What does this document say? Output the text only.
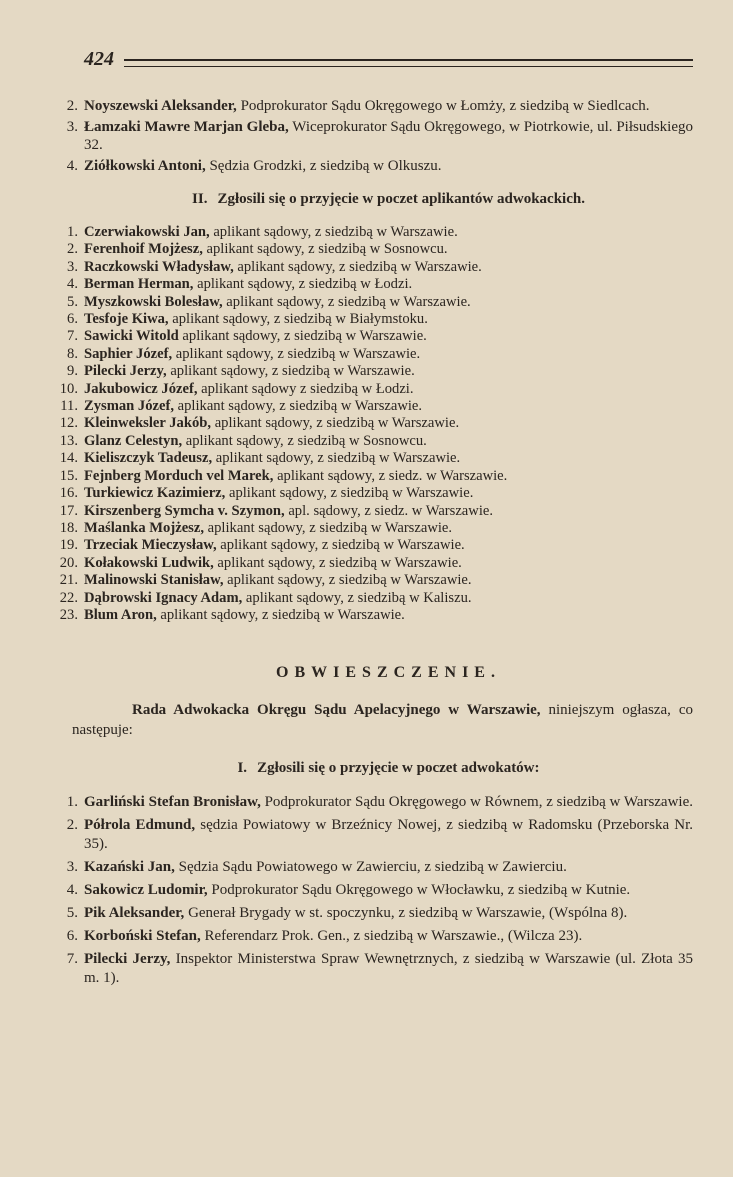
424
2. Noyszewski Aleksander, Podprokurator Sądu Okręgowego w Łomży, z siedzibą w Siedlcach.
3. Łamzaki Mawre Marjan Gleba, Wiceprokurator Sądu Okręgowego, w Piotrkowie, ul. Piłsudskiego 32.
4. Ziółkowski Antoni, Sędzia Grodzki, z siedzibą w Olkuszu.
II. Zgłosili się o przyjęcie w poczet aplikantów adwokackich.
1. Czerwiakowski Jan, aplikant sądowy, z siedzibą w Warszawie.
2. Ferenhoif Mojżesz, aplikant sądowy, z siedzibą w Sosnowcu.
3. Raczkowski Władysław, aplikant sądowy, z siedzibą w Warszawie.
4. Berman Herman, aplikant sądowy, z siedzibą w Łodzi.
5. Myszkowski Bolesław, aplikant sądowy, z siedzibą w Warszawie.
6. Tesfoje Kiwa, aplikant sądowy, z siedzibą w Białymstoku.
7. Sawicki Witold aplikant sądowy, z siedzibą w Warszawie.
8. Saphier Józef, aplikant sądowy, z siedzibą w Warszawie.
9. Pilecki Jerzy, aplikant sądowy, z siedzibą w Warszawie.
10. Jakubowicz Józef, aplikant sądowy z siedzibą w Łodzi.
11. Zysman Józef, aplikant sądowy, z siedzibą w Warszawie.
12. Kleinweksler Jakób, aplikant sądowy, z siedzibą w Warszawie.
13. Glanz Celestyn, aplikant sądowy, z siedzibą w Sosnowcu.
14. Kieliszczyk Tadeusz, aplikant sądowy, z siedzibą w Warszawie.
15. Fejnberg Morduch vel Marek, aplikant sądowy, z siedz. w Warszawie.
16. Turkiewicz Kazimierz, aplikant sądowy, z siedzibą w Warszawie.
17. Kirszenberg Symcha v. Szymon, apl. sądowy, z siedz. w Warszawie.
18. Maślanka Mojżesz, aplikant sądowy, z siedzibą w Warszawie.
19. Trzeciak Mieczysław, aplikant sądowy, z siedzibą w Warszawie.
20. Kołakowski Ludwik, aplikant sądowy, z siedzibą w Warszawie.
21. Malinowski Stanisław, aplikant sądowy, z siedzibą w Warszawie.
22. Dąbrowski Ignacy Adam, aplikant sądowy, z siedzibą w Kaliszu.
23. Blum Aron, aplikant sądowy, z siedzibą w Warszawie.
OBWIESZCZENIE.

Rada Adwokacka Okręgu Sądu Apelacyjnego w Warszawie, niniejszym ogłasza, co następuje:

I. Zgłosili się o przyjęcie w poczet adwokatów:
1. Garliński Stefan Bronisław, Podprokurator Sądu Okręgowego w Równem, z siedzibą w Warszawie.
2. Półrola Edmund, sędzia Powiatowy w Brzeźnicy Nowej, z siedzibą w Radomsku (Przeborska Nr. 35).
3. Kazański Jan, Sędzia Sądu Powiatowego w Zawierciu, z siedzibą w Zawierciu.
4. Sakowicz Ludomir, Podprokurator Sądu Okręgowego w Włocławku, z siedzibą w Kutnie.
5. Pik Aleksander, Generał Brygady w st. spoczynku, z siedzibą w Warszawie, (Wspólna 8).
6. Korboński Stefan, Referendarz Prok. Gen., z siedzibą w Warszawie., (Wilcza 23).
7. Pilecki Jerzy, Inspektor Ministerstwa Spraw Wewnętrznych, z siedzibą w Warszawie (ul. Złota 35 m. 1).
